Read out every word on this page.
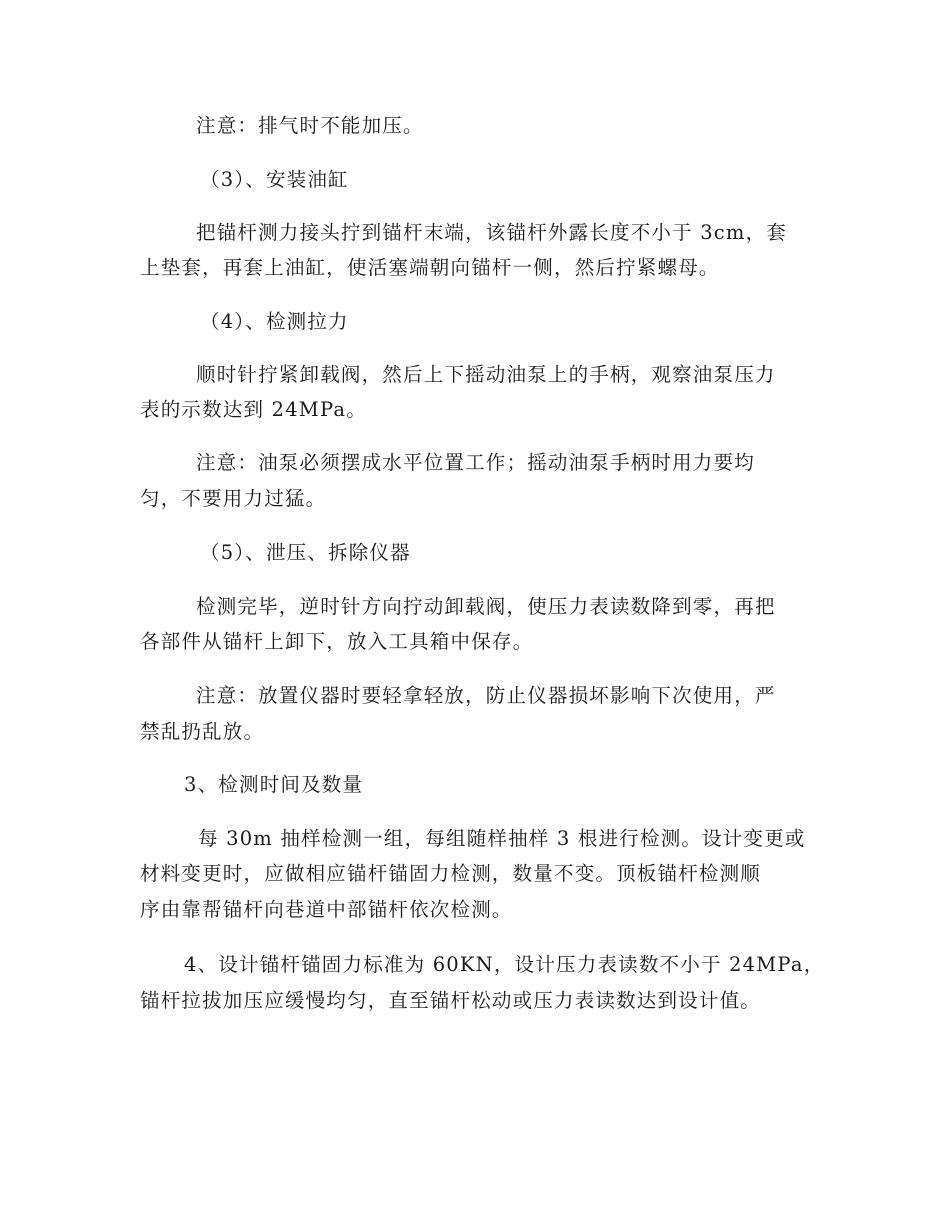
注意：排气时不能加压。

（3）、安装油缸

把锚杆测力接头拧到锚杆末端，该锚杆外露长度不小于 3cm，套

上垫套，再套上油缸，使活塞端朝向锚杆一侧，然后拧紧螺母。

（4）、检测拉力

顺时针拧紧卸载阀，然后上下摇动油泵上的手柄，观察油泵压力

表的示数达到 24MPa。

注意：油泵必须摆成水平位置工作；摇动油泵手柄时用力要均

匀，不要用力过猛。

（5）、泄压、拆除仪器

检测完毕，逆时针方向拧动卸载阀，使压力表读数降到零，再把

各部件从锚杆上卸下，放入工具箱中保存。

注意：放置仪器时要轻拿轻放，防止仪器损坏影响下次使用，严

禁乱扔乱放。

3、检测时间及数量

每 30m 抽样检测一组，每组随样抽样 3 根进行检测。设计变更或

材料变更时，应做相应锚杆锚固力检测，数量不变。顶板锚杆检测顺

序由靠帮锚杆向巷道中部锚杆依次检测。

4、设计锚杆锚固力标准为 60KN，设计压力表读数不小于 24MPa，

锚杆拉拔加压应缓慢均匀，直至锚杆松动或压力表读数达到设计值。
